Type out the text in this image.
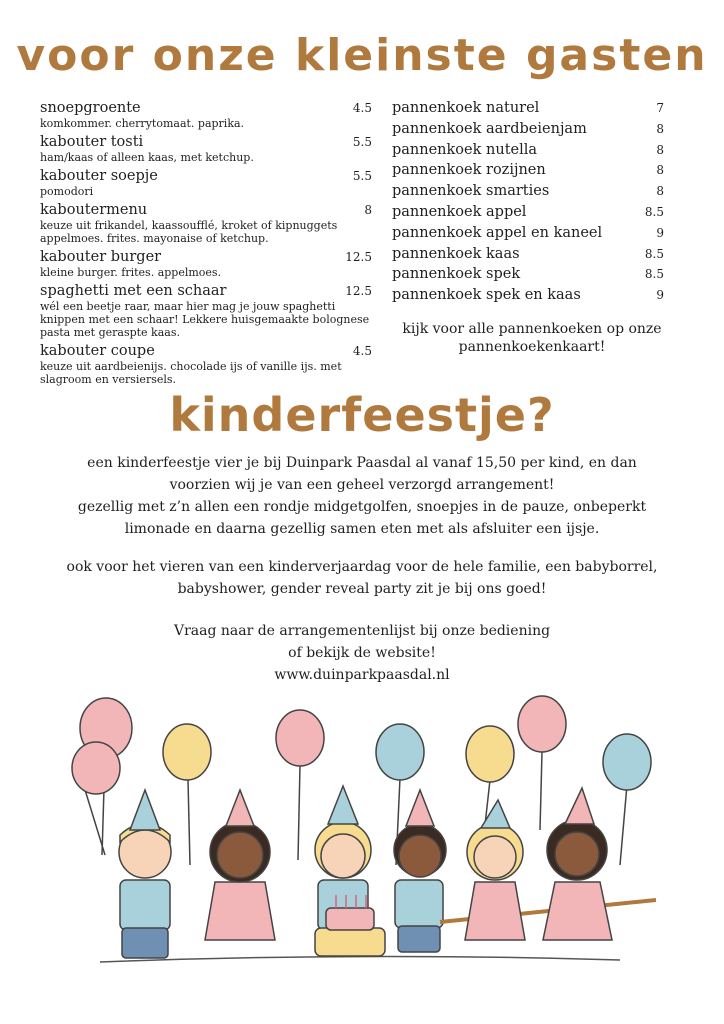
voor onze kleinste gasten
snoepgroente	4.5
komkommer. cherrytomaat. paprika.
kabouter tosti	5.5
ham/kaas of alleen kaas, met ketchup.
kabouter soepje	5.5
pomodori
kaboutermenu	8
keuze uit frikandel, kaassoufflé, kroket of kipnuggets appelmoes. frites. mayonaise of ketchup.
kabouter burger	12.5
kleine burger. frites. appelmoes.
spaghetti met een schaar	12.5
wél een beetje raar, maar hier mag je jouw spaghetti knippen met een schaar! Lekkere huisgemaakte bolognese pasta met geraspte kaas.
kabouter coupe	4.5
keuze uit aardbeienijs. chocolade ijs of vanille ijs. met slagroom en versiersels.
pannenkoek naturel	7
pannenkoek aardbeienjam	8
pannenkoek nutella	8
pannenkoek rozijnen	8
pannenkoek smarties	8
pannenkoek appel	8.5
pannenkoek appel en kaneel	9
pannenkoek kaas	8.5
pannenkoek spek	8.5
pannenkoek spek en kaas	9
kijk voor alle pannenkoeken op onze pannenkoekenkaart!
kinderfeestje?

een kinderfeestje vier je bij Duinpark Paasdal al vanaf 15,50 per kind, en dan
voorzien wij je van een geheel verzorgd arrangement!
gezellig met z’n allen een rondje midgetgolfen, snoepjes in de pauze, onbeperkt
limonade en daarna gezellig samen eten met als afsluiter een ijsje.

ook voor het vieren van een kinderverjaardag voor de hele familie, een babyborrel,
babyshower, gender reveal party zit je bij ons goed!

Vraag naar de arrangementenlijst bij onze bediening
of bekijk de website!
www.duinparkpaasdal.nl
